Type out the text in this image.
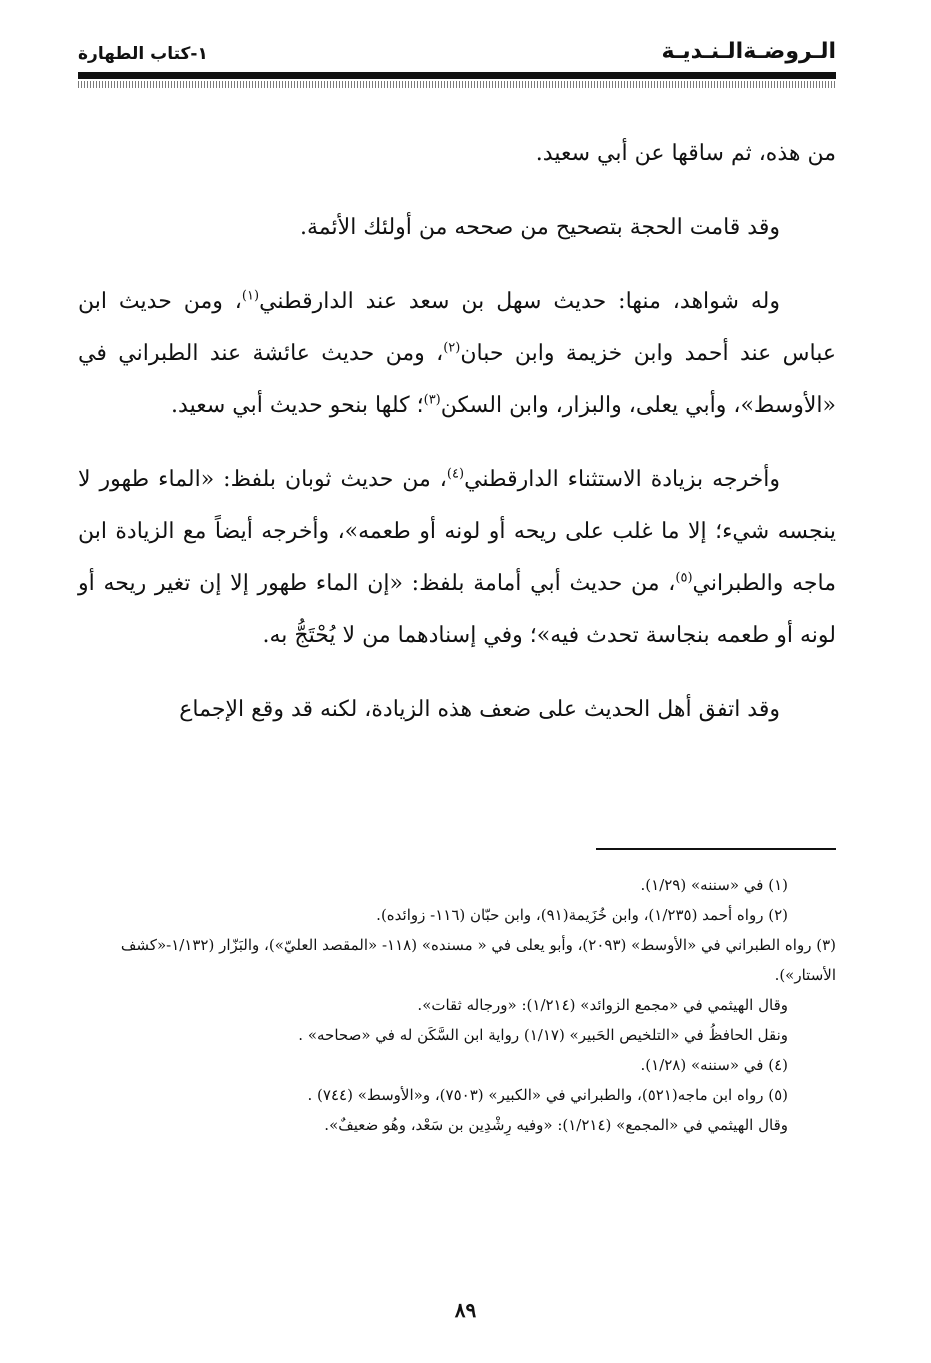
الـروضـةالـنـديـة
١-كتاب الطهارة

من هذه، ثم ساقها عن أبي سعيد.

وقد قامت الحجة بتصحيح من صححه من أولئك الأئمة.

وله شواهد، منها: حديث سهل بن سعد عند الدارقطني$^{(١)}$، ومن حديث ابن عباس عند أحمد وابن خزيمة وابن حبان$^{(٢)}$، ومن حديث عائشة عند الطبراني في «الأوسط»، وأبي يعلى، والبزار، وابن السكن$^{(٣)}$؛ كلها بنحو حديث أبي سعيد.

وأخرجه بزيادة الاستثناء الدارقطني$^{(٤)}$، من حديث ثوبان بلفظ: «الماء طهور لا ينجسه شيء؛ إلا ما غلب على ريحه أو لونه أو طعمه»، وأخرجه أيضاً مع الزيادة ابن ماجه والطبراني$^{(٥)}$، من حديث أبي أمامة بلفظ: «إن الماء طهور إلا إن تغير ريحه أو لونه أو طعمه بنجاسة تحدث فيه»؛ وفي إسنادهما من لا يُحْتَجُّ به.

وقد اتفق أهل الحديث على ضعف هذه الزيادة، لكنه قد وقع الإجماع

(١) في «سننه» (١/٢٩).

(٢) رواه أحمد (١/٢٣٥)، وابن خُزَيمة(٩١)، وابن حبّان (١١٦- زوائده).

(٣) رواه الطبراني في «الأوسط» (٢٠٩٣)، وأبو يعلى في « مسنده» (١١٨- «المقصد العليّ»)، والبَزّار (١/١٣٢-«كشف الأستار»).

وقال الهيثمي في «مجمع الزوائد» (١/٢١٤): «ورجاله ثقات».

ونقل الحافظُ في «التلخيص الحَبير» (١/١٧) رواية ابن السَّكَن له في «صحاحه» .

(٤) في «سننه» (١/٢٨).

(٥) رواه ابن ماجه(٥٢١)، والطبراني في «الكبير» (٧٥٠٣)، و«الأوسط» (٧٤٤) .

وقال الهيثمي في «المجمع» (١/٢١٤): «وفيه رِشْدِين بن سَعْد، وهُو ضعيفٌ».

٨٩
